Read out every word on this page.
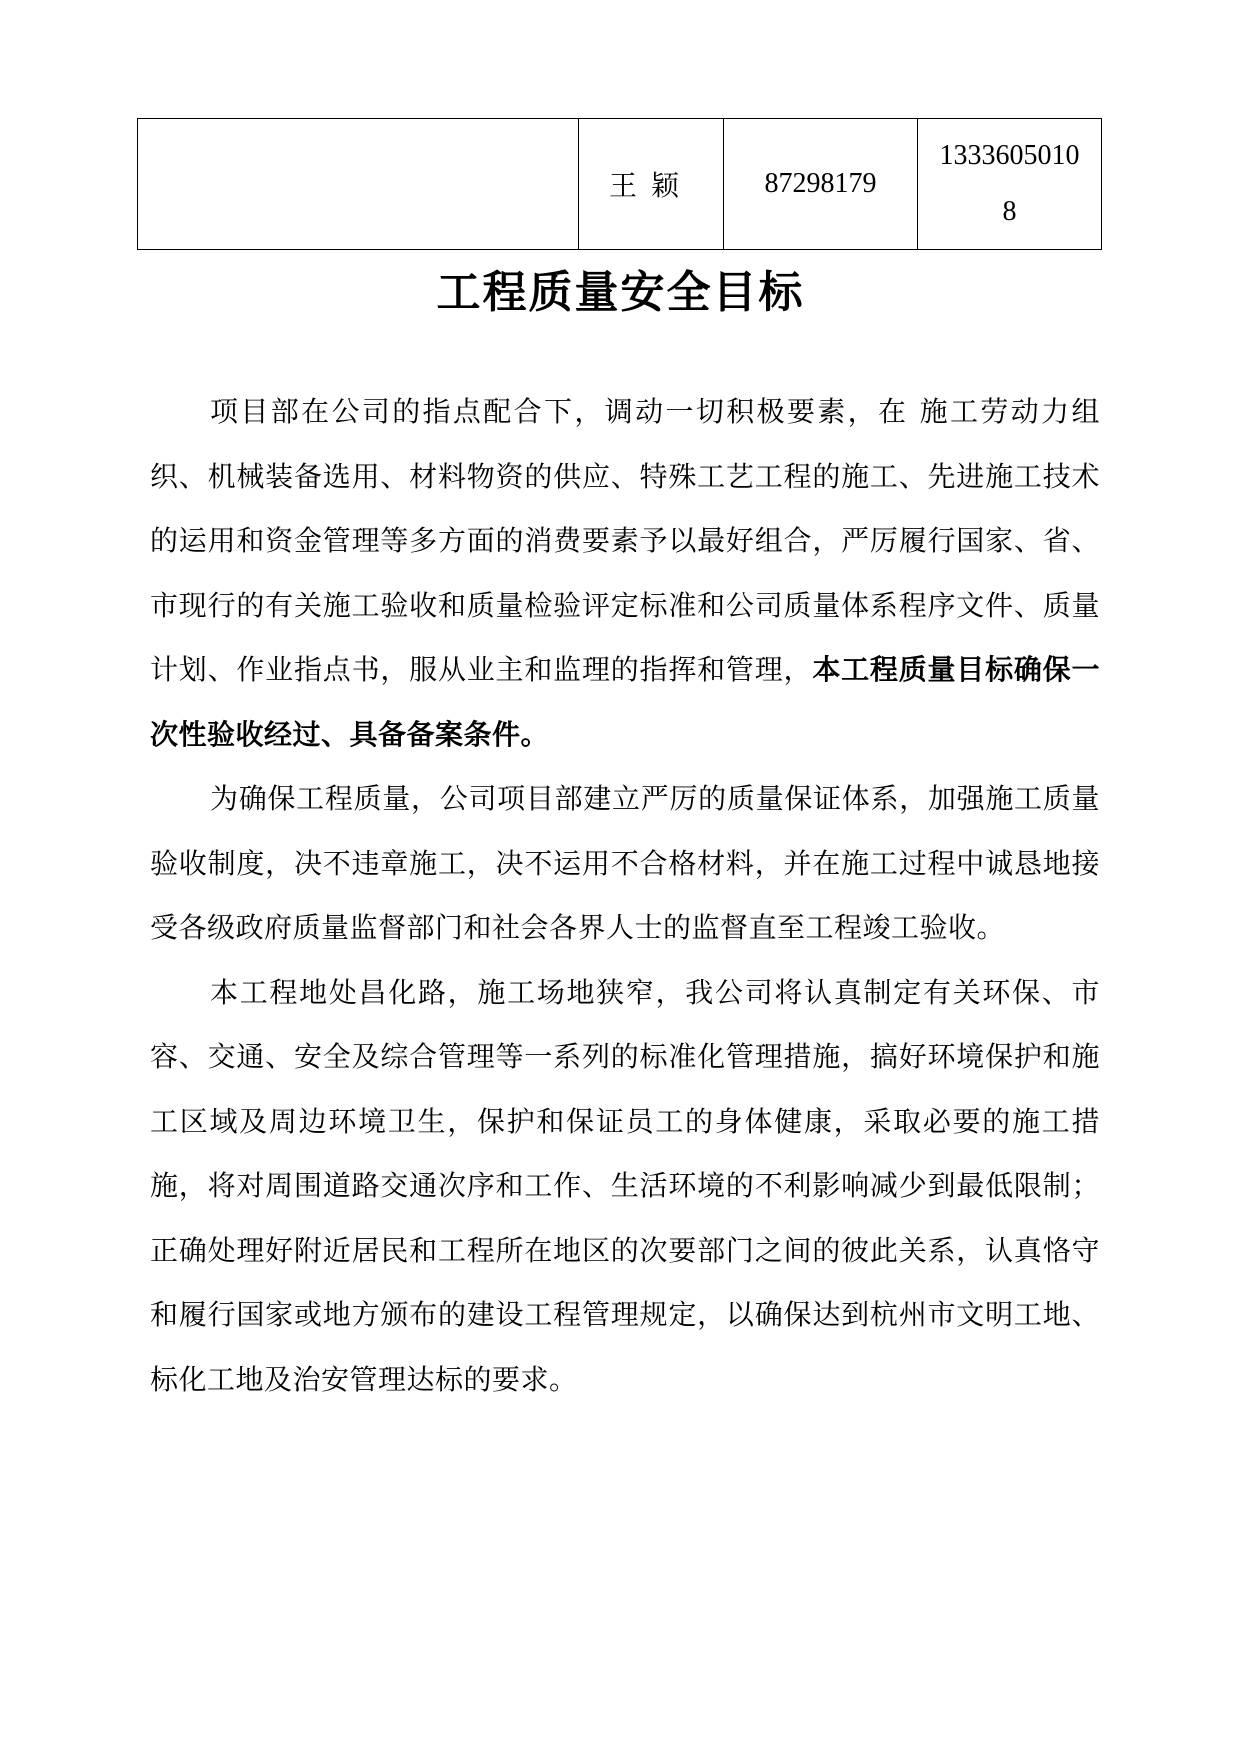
	王颖	87298179	1333605010
8
工程质量安全目标

项目部在公司的指点配合下，调动一切积极要素，在 施工劳动力组织、机械装备选用、材料物资的供应、特殊工艺工程的施工、先进施工技术的运用和资金管理等多方面的消费要素予以最好组合，严厉履行国家、省、市现行的有关施工验收和质量检验评定标准和公司质量体系程序文件、质量计划、作业指点书，服从业主和监理的指挥和管理，本工程质量目标确保一次性验收经过、具备备案条件。

为确保工程质量，公司项目部建立严厉的质量保证体系，加强施工质量验收制度，决不违章施工，决不运用不合格材料，并在施工过程中诚恳地接受各级政府质量监督部门和社会各界人士的监督直至工程竣工验收。

本工程地处昌化路，施工场地狭窄，我公司将认真制定有关环保、市容、交通、安全及综合管理等一系列的标准化管理措施，搞好环境保护和施工区域及周边环境卫生，保护和保证员工的身体健康，采取必要的施工措施，将对周围道路交通次序和工作、生活环境的不利影响减少到最低限制；正确处理好附近居民和工程所在地区的次要部门之间的彼此关系，认真恪守和履行国家或地方颁布的建设工程管理规定，以确保达到杭州市文明工地、标化工地及治安管理达标的要求。
